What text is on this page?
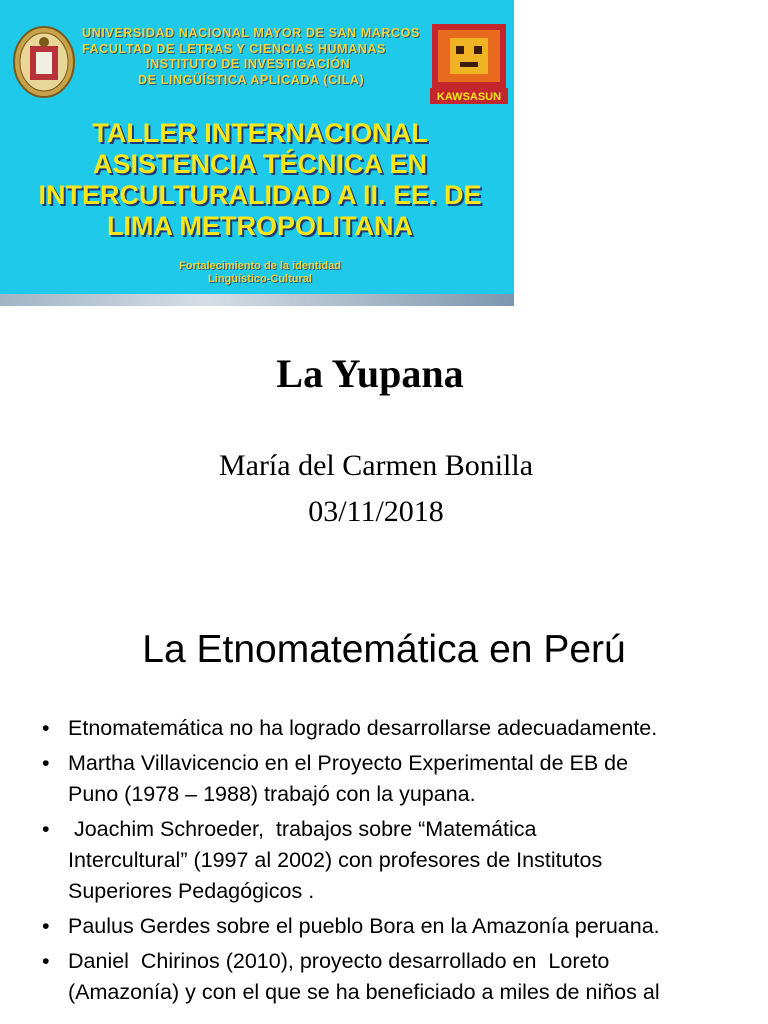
UNIVERSIDAD NACIONAL MAYOR DE SAN MARCOS
FACULTAD DE LETRAS Y CIENCIAS HUMANAS
INSTITUTO DE INVESTIGACIÓN
DE LINGÜÍSTICA APLICADA (CILA)
KAWSASUN
TALLER INTERNACIONAL
ASISTENCIA TÉCNICA EN
INTERCULTURALIDAD A II. EE. DE
LIMA METROPOLITANA
Fortalecimiento de la identidad
Lingüístico-Cultural
La Yupana
María del Carmen Bonilla
03/11/2018
La Etnomatemática en Perú
• Etnomatemática no ha logrado desarrollarse adecuadamente.
• Martha Villavicencio en el Proyecto Experimental de EB de
Puno (1978 – 1988) trabajó con la yupana.
•  Joachim Schroeder,  trabajos sobre “Matemática
Intercultural” (1997 al 2002) con profesores de Institutos
Superiores Pedagógicos .
• Paulus Gerdes sobre el pueblo Bora en la Amazonía peruana.
• Daniel  Chirinos (2010), proyecto desarrollado en  Loreto
(Amazonía) y con el que se ha beneficiado a miles de niños al
